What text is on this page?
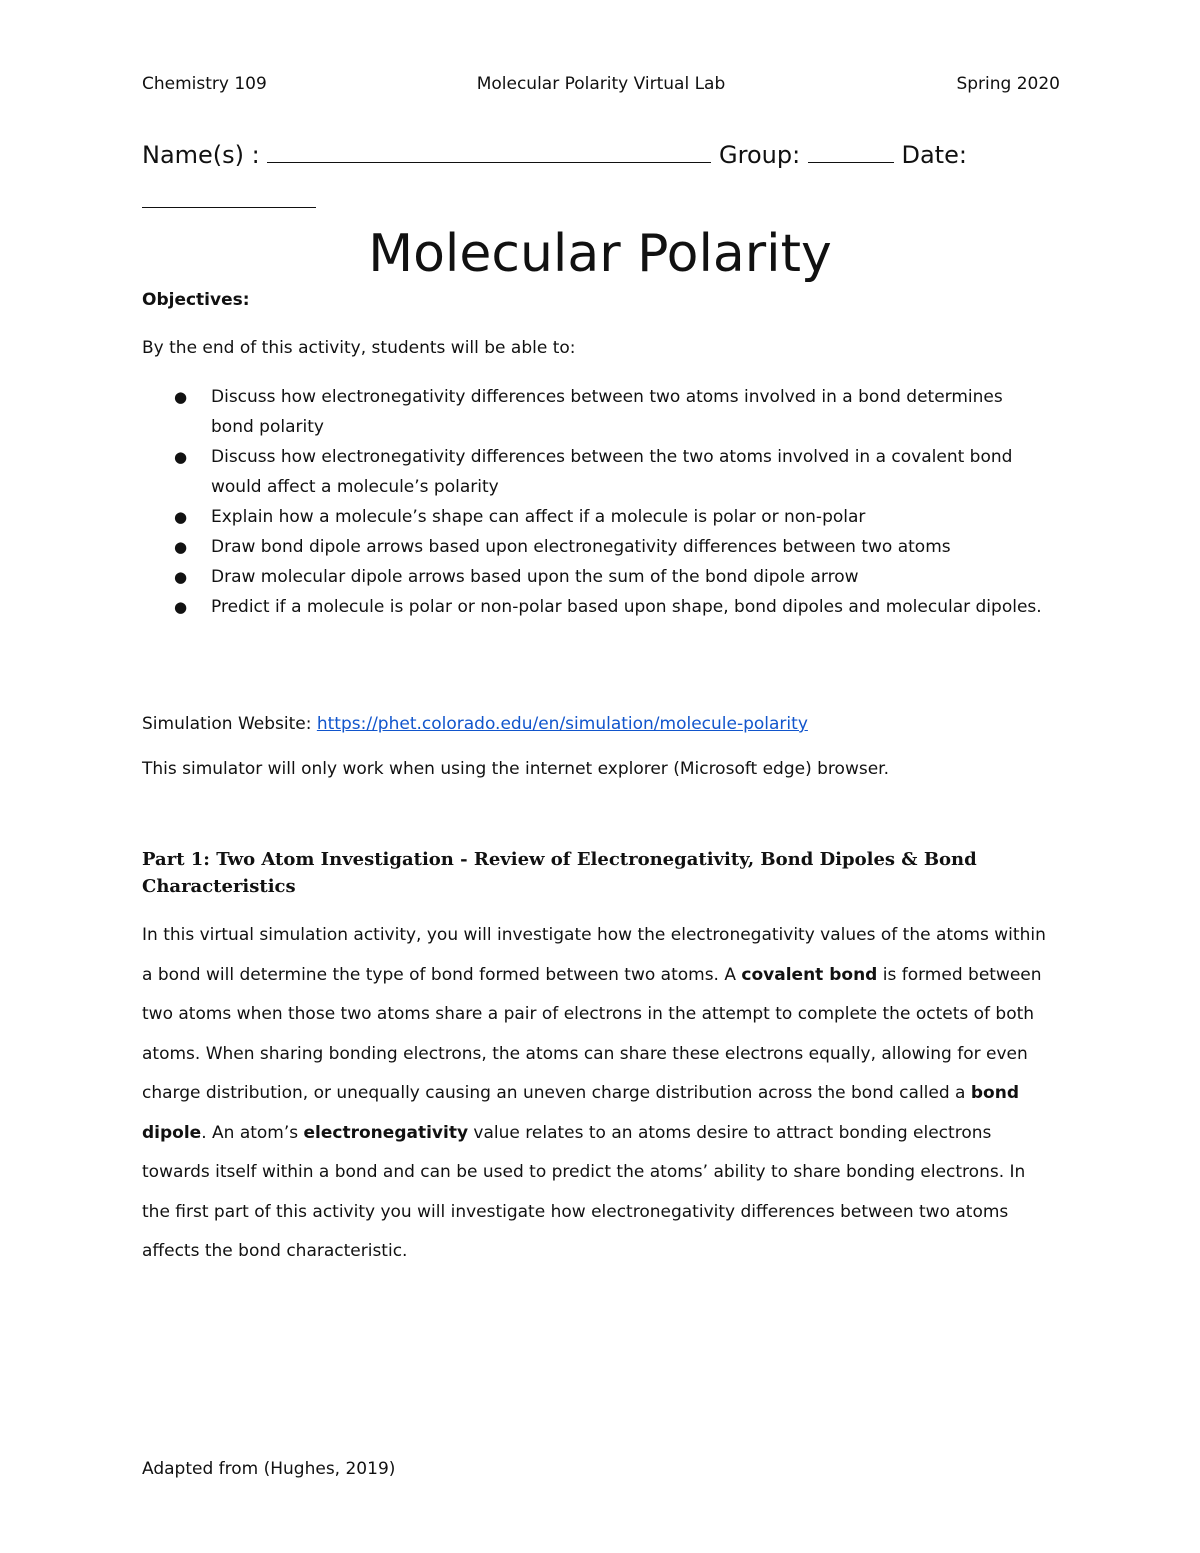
Chemistry 109	Molecular Polarity Virtual Lab	Spring 2020
Name(s) :	Group:	Date:
Molecular Polarity
Objectives:
By the end of this activity, students will be able to:
● Discuss how electronegativity differences between two atoms involved in a bond determines bond polarity
● Discuss how electronegativity differences between the two atoms involved in a covalent bond would affect a molecule’s polarity
● Explain how a molecule’s shape can affect if a molecule is polar or non-polar
● Draw bond dipole arrows based upon electronegativity differences between two atoms
● Draw molecular dipole arrows based upon the sum of the bond dipole arrow
● Predict if a molecule is polar or non-polar based upon shape, bond dipoles and molecular dipoles.
Simulation Website: https://phet.colorado.edu/en/simulation/molecule-polarity
This simulator will only work when using the internet explorer (Microsoft edge) browser.
Part 1: Two Atom Investigation - Review of Electronegativity, Bond Dipoles & Bond Characteristics

In this virtual simulation activity, you will investigate how the electronegativity values of the atoms within a bond will determine the type of bond formed between two atoms. A covalent bond is formed between two atoms when those two atoms share a pair of electrons in the attempt to complete the octets of both atoms. When sharing bonding electrons, the atoms can share these electrons equally, allowing for even charge distribution, or unequally causing an uneven charge distribution across the bond called a bond dipole. An atom’s electronegativity value relates to an atoms desire to attract bonding electrons towards itself within a bond and can be used to predict the atoms’ ability to share bonding electrons. In the first part of this activity you will investigate how electronegativity differences between two atoms affects the bond characteristic.

Adapted from (Hughes, 2019)
